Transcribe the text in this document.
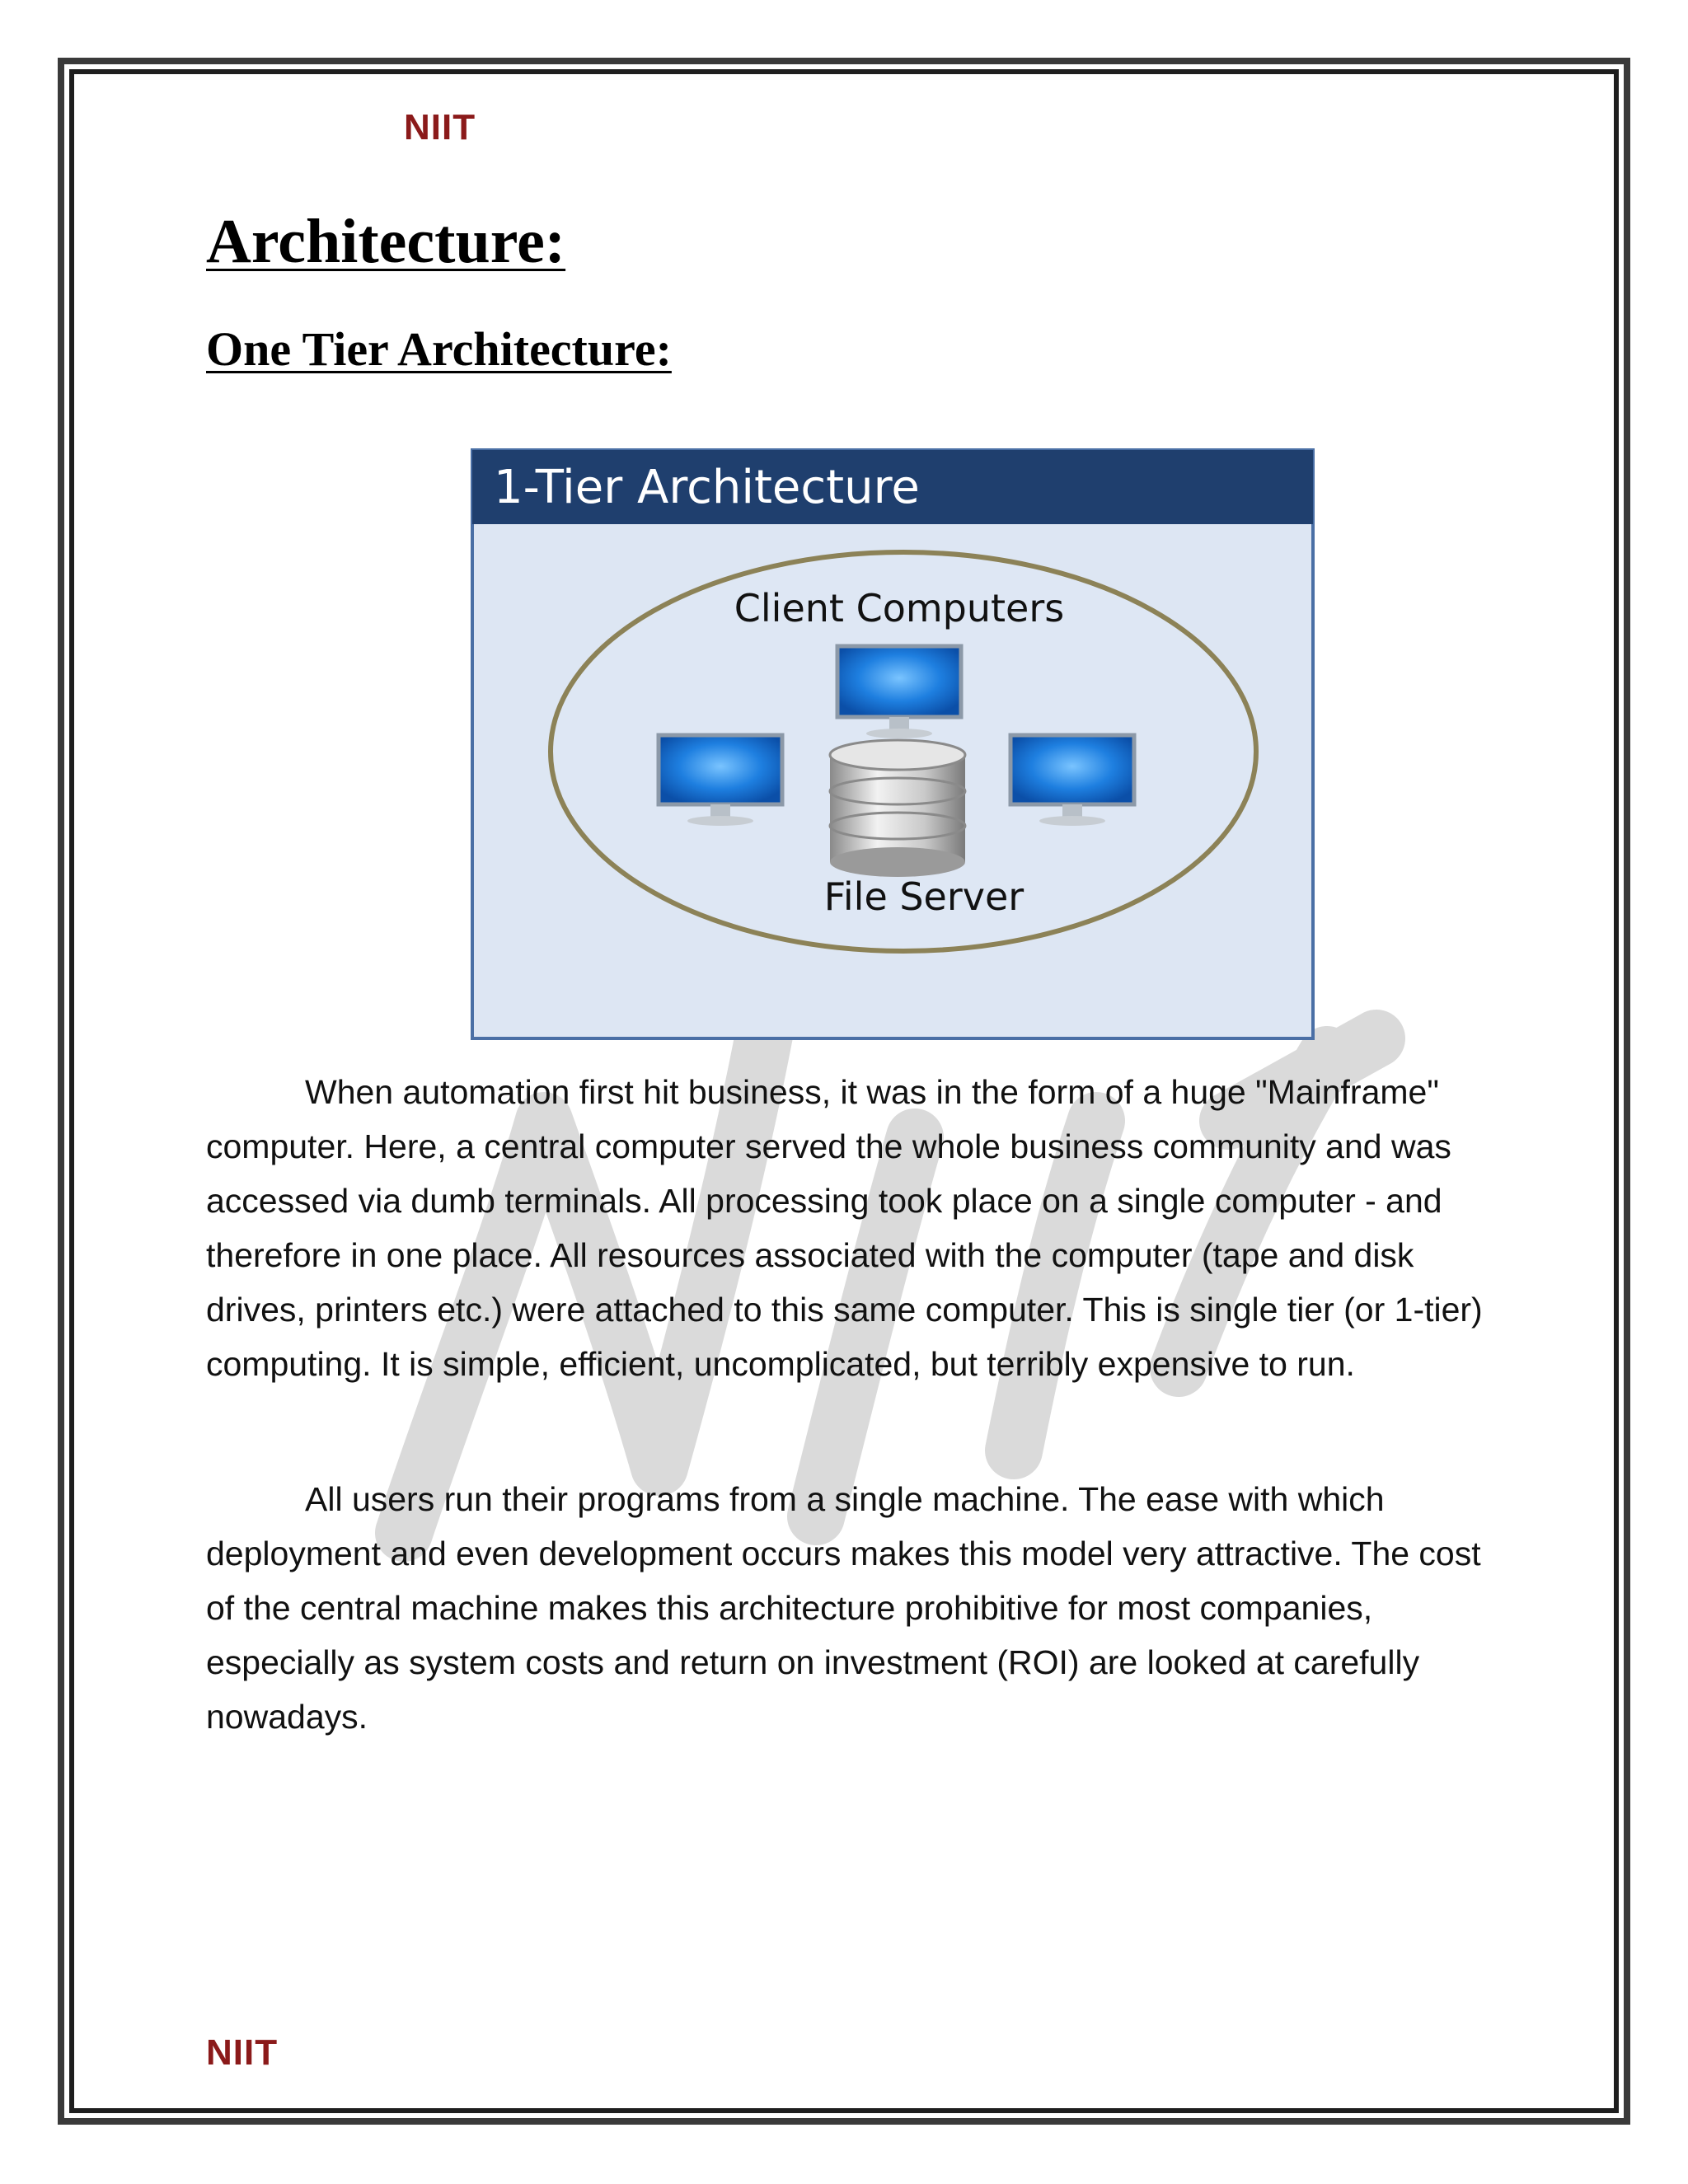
NIIT
Architecture:
One Tier Architecture:
1-Tier Architecture
Client Computers
File Server

When automation first hit business, it was in the form of a huge "Mainframe" computer. Here, a central computer served the whole business community and was accessed via dumb terminals. All processing took place on a single computer - and therefore in one place. All resources associated with the computer (tape and disk drives, printers etc.) were attached to this same computer. This is single tier (or 1-tier) computing. It is simple, efficient, uncomplicated, but terribly expensive to run.

All users run their programs from a single machine. The ease with which deployment and even development occurs makes this model very attractive. The cost of the central machine makes this architecture prohibitive for most companies, especially as system costs and return on investment (ROI) are looked at carefully nowadays.

NIIT
